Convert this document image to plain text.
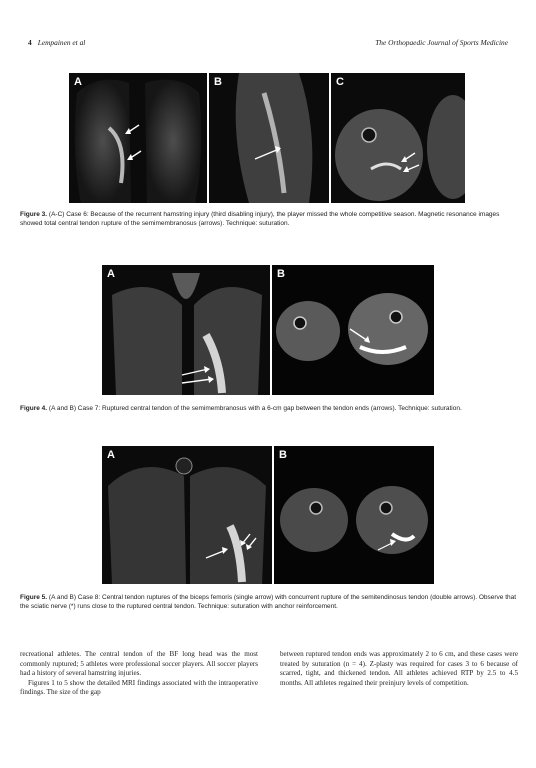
4 Lempainen et al	The Orthopaedic Journal of Sports Medicine
A	B	C
Figure 3. (A-C) Case 6: Because of the recurrent hamstring injury (third disabling injury), the player missed the whole competitive season. Magnetic resonance images showed total central tendon rupture of the semimembranosus (arrows). Technique: suturation.
A	B
Figure 4. (A and B) Case 7: Ruptured central tendon of the semimembranosus with a 6-cm gap between the tendon ends (arrows). Technique: suturation.
A	B
Figure 5. (A and B) Case 8: Central tendon ruptures of the biceps femoris (single arrow) with concurrent rupture of the semitendinosus tendon (double arrows). Observe that the sciatic nerve (*) runs close to the ruptured central tendon. Technique: suturation with anchor reinforcement.

recreational athletes. The central tendon of the BF long head was the most commonly ruptured; 5 athletes were professional soccer players. All soccer players had a history of several hamstring injuries.

Figures 1 to 5 show the detailed MRI findings associated with the intraoperative findings. The size of the gap

between ruptured tendon ends was approximately 2 to 6 cm, and these cases were treated by suturation (n = 4). Z-plasty was required for cases 3 to 6 because of scarred, tight, and thickened tendon. All athletes achieved RTP by 2.5 to 4.5 months. All athletes regained their preinjury levels of competition.
